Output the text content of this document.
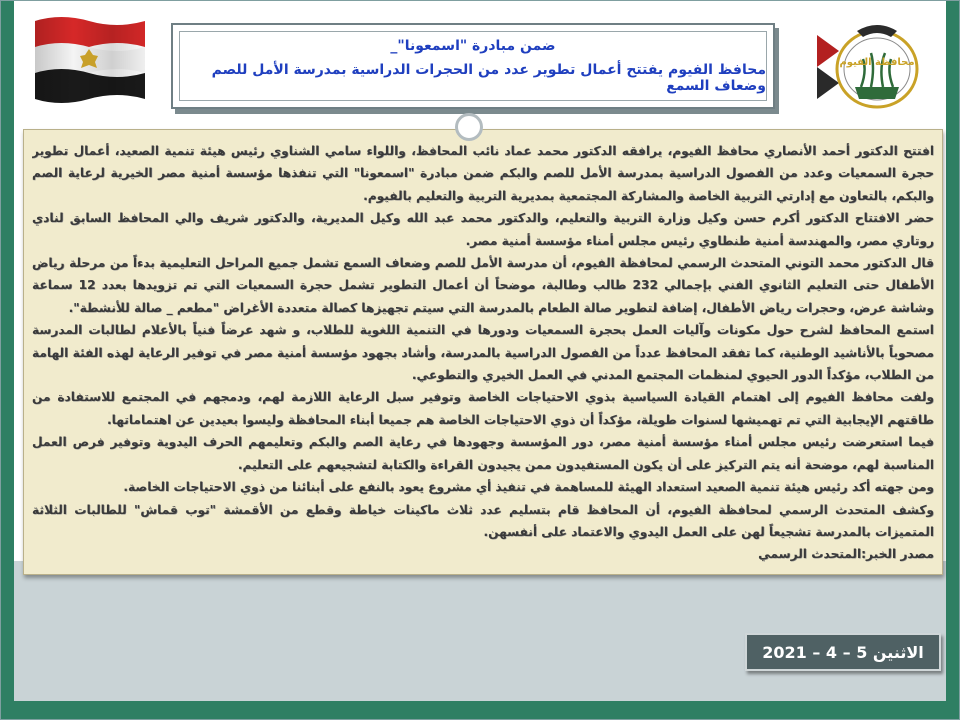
ضمن مبادرة "اسمعونا"_
محافظ الفيوم يفتتح أعمال تطوير عدد من الحجرات الدراسية بمدرسة الأمل للصم وضعاف السمع
محافظة الفيوم

افتتح الدكتور أحمد الأنصاري محافظ الفيوم، يرافقه الدكتور محمد عماد نائب المحافظ، واللواء سامي الشناوي رئيس هيئة تنمية الصعيد، أعمال تطوير حجرة السمعيات وعدد من الفصول الدراسية بمدرسة الأمل للصم والبكم ضمن مبادرة "اسمعونا" التي تنفذها مؤسسة أمنية مصر الخيرية لرعاية الصم والبكم، بالتعاون مع إدارتي التربية الخاصة والمشاركة المجتمعية بمديرية التربية والتعليم بالفيوم.

حضر الافتتاح الدكتور أكرم حسن وكيل وزارة التربية والتعليم، والدكتور محمد عبد الله وكيل المديرية، والدكتور شريف والي المحافظ السابق لنادي روتاري مصر، والمهندسة أمنية طنطاوي رئيس مجلس أمناء مؤسسة أمنية مصر.

قال الدكتور محمد التوني المتحدث الرسمي لمحافظة الفيوم، أن مدرسة الأمل للصم وضعاف السمع تشمل جميع المراحل التعليمية بدءاً من مرحلة رياض الأطفال حتى التعليم الثانوي الفني بإجمالي 232 طالب وطالبة، موضحاً أن أعمال التطوير تشمل حجرة السمعيات التي تم تزويدها بعدد 12 سماعة وشاشة عرض، وحجرات رياض الأطفال، إضافة لتطوير صالة الطعام بالمدرسة التي سيتم تجهيزها كصالة متعددة الأغراض "مطعم _ صالة للأنشطة".

استمع المحافظ لشرح حول مكونات وآليات العمل بحجرة السمعيات ودورها في التنمية اللغوية للطلاب، و شهد عرضاً فنياً بالأعلام لطالبات المدرسة مصحوباً بالأناشيد الوطنية، كما تفقد المحافظ عدداً من الفصول الدراسية بالمدرسة، وأشاد بجهود مؤسسة أمنية مصر في توفير الرعاية لهذه الفئة الهامة من الطلاب، مؤكداً الدور الحيوي لمنظمات المجتمع المدني في العمل الخيري والتطوعي.

ولفت محافظ الفيوم إلى اهتمام القيادة السياسية بذوي الاحتياجات الخاصة وتوفير سبل الرعاية اللازمة لهم، ودمجهم في المجتمع للاستفادة من طاقتهم الإيجابية التي تم تهميشها لسنوات طويلة، مؤكداً أن ذوي الاحتياجات الخاصة هم جميعا أبناء المحافظة وليسوا بعيدين عن اهتماماتها.

فيما استعرضت رئيس مجلس أمناء مؤسسة أمنية مصر، دور المؤسسة وجهودها في رعاية الصم والبكم وتعليمهم الحرف اليدوية وتوفير فرص العمل المناسبة لهم، موضحة أنه يتم التركيز على أن يكون المستفيدون ممن يجيدون القراءة والكتابة لتشجيعهم على التعليم.

ومن جهته أكد رئيس هيئة تنمية الصعيد استعداد الهيئة للمساهمة في تنفيذ أي مشروع يعود بالنفع على أبنائنا من ذوي الاحتياجات الخاصة.

وكشف المتحدث الرسمي لمحافظة الفيوم، أن المحافظ قام بتسليم عدد ثلاث ماكينات خياطة وقطع من الأقمشة "توب قماش" للطالبات الثلاثة المتميزات بالمدرسة تشجيعاً لهن على العمل اليدوي والاعتماد على أنفسهن.

مصدر الخبر:المتحدث الرسمي

الاثنين 5 – 4 – 2021
